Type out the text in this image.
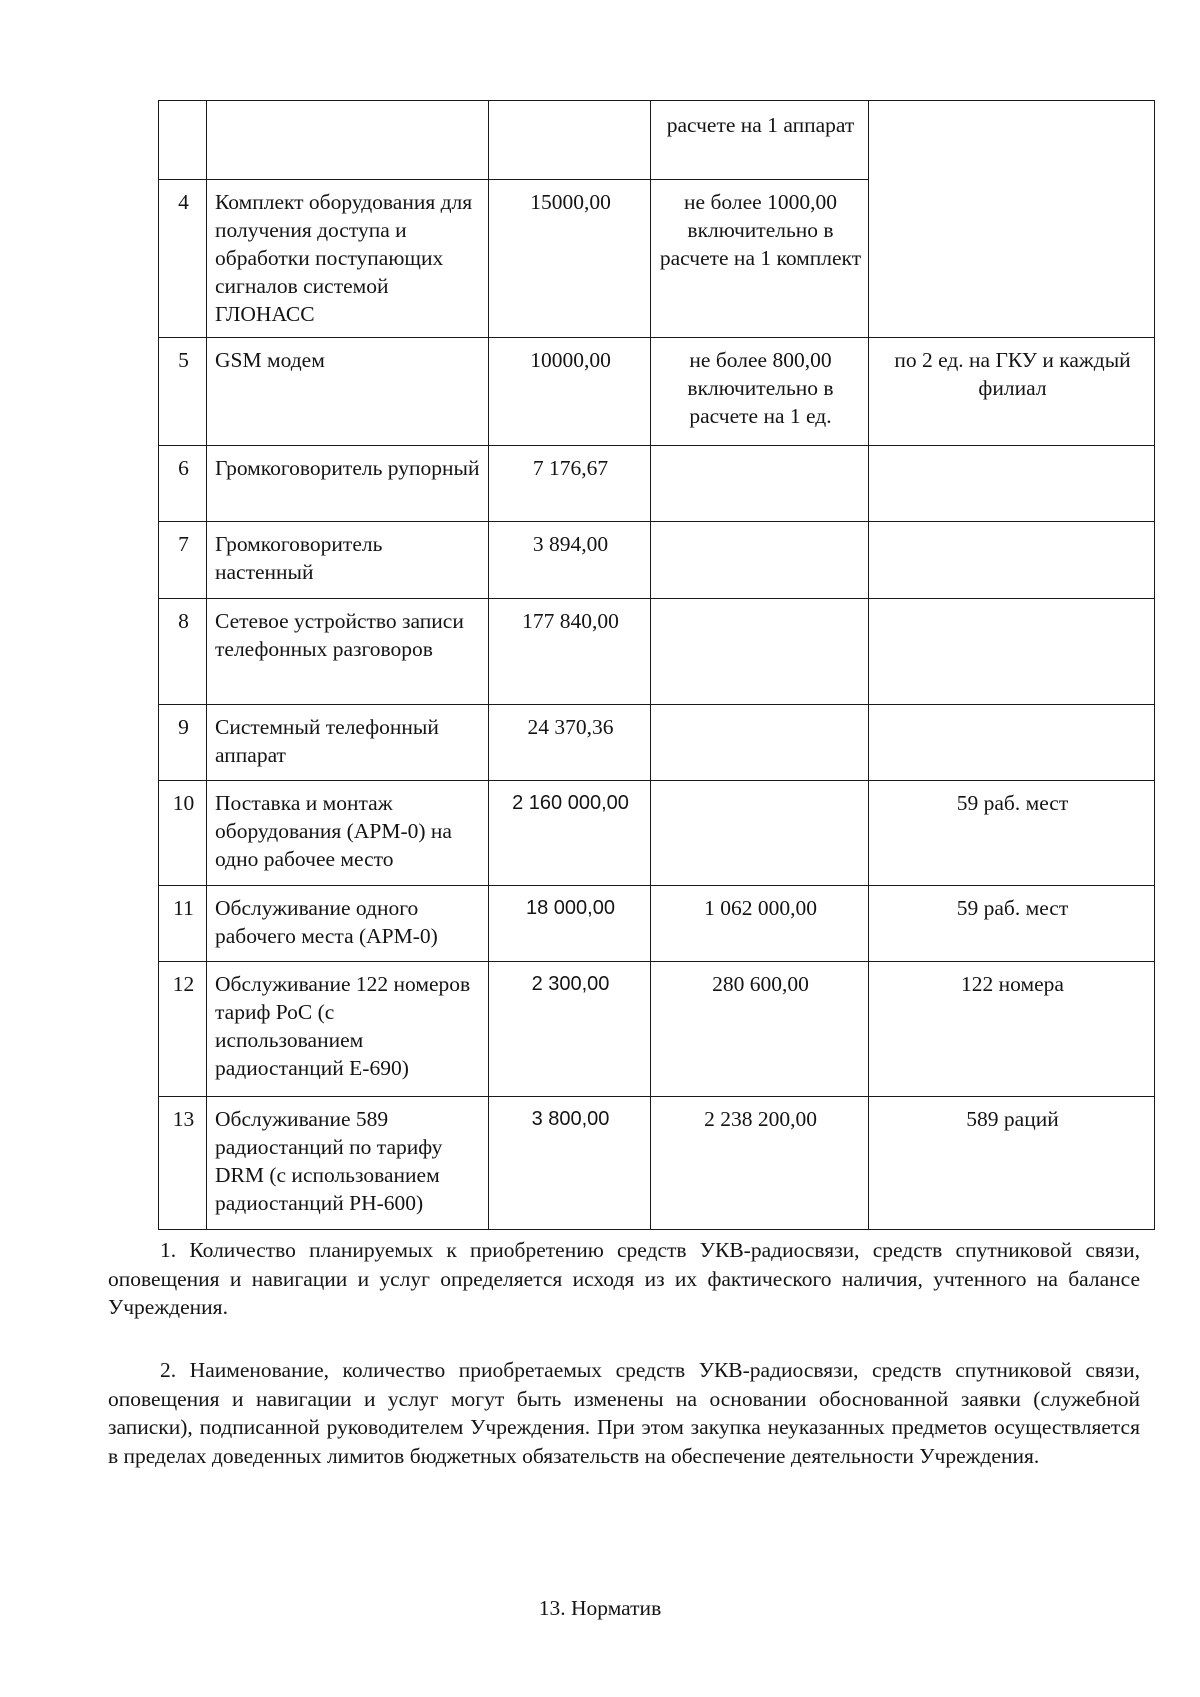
			расчете на 1 аппарат	
4	Комплект оборудования для получения доступа и обработки поступающих сигналов системой ГЛОНАСС	15000,00	не более 1000,00 включительно в расчете на 1 комплект	
5	GSM модем	10000,00	не более 800,00 включительно в расчете на 1 ед.	по 2 ед. на ГКУ и каждый филиал
6	Громкоговоритель рупорный	7 176,67		
7	Громкоговоритель настенный	3 894,00		
8	Сетевое устройство записи телефонных разговоров	177 840,00		
9	Системный телефонный аппарат	24 370,36		
10	Поставка и монтаж оборудования (АРМ-0) на одно рабочее место	2 160 000,00		59 раб. мест
11	Обслуживание одного рабочего места (АРМ-0)	18 000,00	1 062 000,00	59 раб. мест
12	Обслуживание 122 номеров тариф РоС (с использованием радиостанций Е-690)	2 300,00	280 600,00	122 номера
13	Обслуживание 589 радиостанций по тарифу DRM (с использованием радиостанций РН-600)	3 800,00	2 238 200,00	589 раций

1. Количество планируемых к приобретению средств УКВ-радиосвязи, средств спутниковой связи, оповещения и навигации и услуг определяется исходя из их фактического наличия, учтенного на балансе Учреждения.

2. Наименование, количество приобретаемых средств УКВ-радиосвязи, средств спутниковой связи, оповещения и навигации и услуг могут быть изменены на основании обоснованной заявки (служебной записки), подписанной руководителем Учреждения. При этом закупка неуказанных предметов осуществляется в пределах доведенных лимитов бюджетных обязательств на обеспечение деятельности Учреждения.

13. Норматив
